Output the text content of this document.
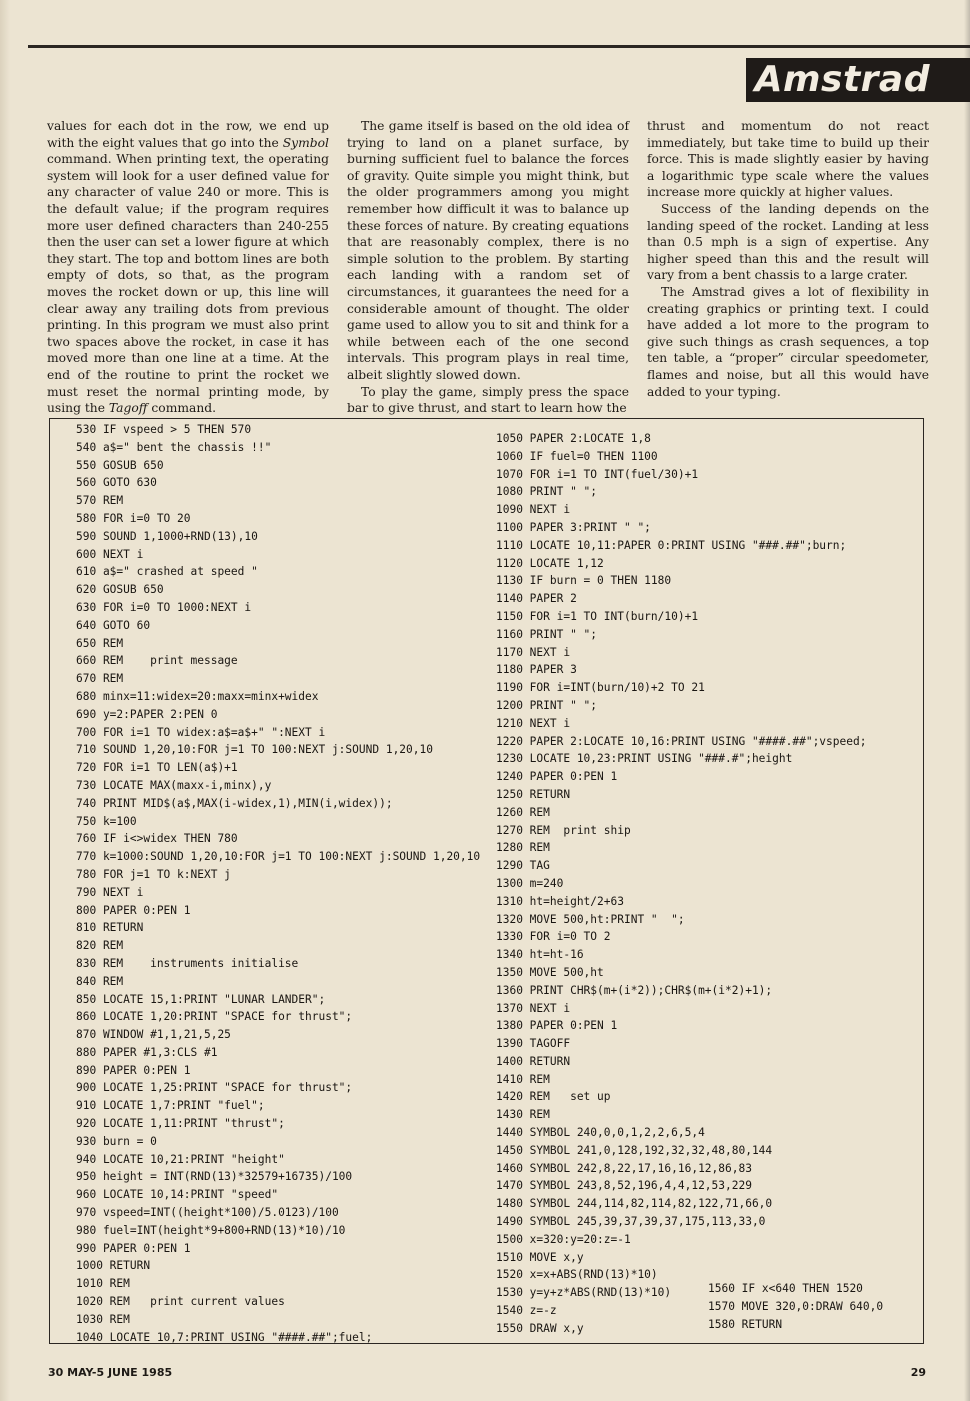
Amstrad

values for each dot in the row, we end up with the eight values that go into the Symbol command. When printing text, the operating system will look for a user defined value for any character of value 240 or more. This is the default value; if the program requires more user defined characters than 240-255 then the user can set a lower figure at which they start. The top and bottom lines are both empty of dots, so that, as the program moves the rocket down or up, this line will clear away any trailing dots from previous printing. In this program we must also print two spaces above the rocket, in case it has moved more than one line at a time. At the end of the routine to print the rocket we must reset the normal printing mode, by using the Tagoff command.

The game itself is based on the old idea of trying to land on a planet surface, by burning sufficient fuel to balance the forces of gravity. Quite simple you might think, but the older programmers among you might remember how difficult it was to balance up these forces of nature. By creating equations that are reasonably complex, there is no simple solution to the problem. By starting each landing with a random set of circumstances, it guarantees the need for a considerable amount of thought. The older game used to allow you to sit and think for a while between each of the one second intervals. This program plays in real time, albeit slightly slowed down.

To play the game, simply press the space bar to give thrust, and start to learn how the

thrust and momentum do not react immediately, but take time to build up their force. This is made slightly easier by having a logarithmic type scale where the values increase more quickly at higher values.

Success of the landing depends on the landing speed of the rocket. Landing at less than 0.5 mph is a sign of expertise. Any higher speed than this and the result will vary from a bent chassis to a large crater.

The Amstrad gives a lot of flexibility in creating graphics or printing text. I could have added a lot more to the program to give such things as crash sequences, a top ten table, a “proper” circular speedometer, flames and noise, but all this would have added to your typing.

530 IF vspeed > 5 THEN 570
540 a$=" bent the chassis !!"
550 GOSUB 650
560 GOTO 630
570 REM
580 FOR i=0 TO 20
590 SOUND 1,1000+RND(13),10
600 NEXT i
610 a$=" crashed at speed "
620 GOSUB 650
630 FOR i=0 TO 1000:NEXT i
640 GOTO 60
650 REM
660 REM    print message
670 REM
680 minx=11:widex=20:maxx=minx+widex
690 y=2:PAPER 2:PEN 0
700 FOR i=1 TO widex:a$=a$+" ":NEXT i
710 SOUND 1,20,10:FOR j=1 TO 100:NEXT j:SOUND 1,20,10
720 FOR i=1 TO LEN(a$)+1
730 LOCATE MAX(maxx-i,minx),y
740 PRINT MID$(a$,MAX(i-widex,1),MIN(i,widex));
750 k=100
760 IF i<>widex THEN 780
770 k=1000:SOUND 1,20,10:FOR j=1 TO 100:NEXT j:SOUND 1,20,10
780 FOR j=1 TO k:NEXT j
790 NEXT i
800 PAPER 0:PEN 1
810 RETURN
820 REM
830 REM    instruments initialise
840 REM
850 LOCATE 15,1:PRINT "LUNAR LANDER";
860 LOCATE 1,20:PRINT "SPACE for thrust";
870 WINDOW #1,1,21,5,25
880 PAPER #1,3:CLS #1
890 PAPER 0:PEN 1
900 LOCATE 1,25:PRINT "SPACE for thrust";
910 LOCATE 1,7:PRINT "fuel";
920 LOCATE 1,11:PRINT "thrust";
930 burn = 0
940 LOCATE 10,21:PRINT "height"
950 height = INT(RND(13)*32579+16735)/100
960 LOCATE 10,14:PRINT "speed"
970 vspeed=INT((height*100)/5.0123)/100
980 fuel=INT(height*9+800+RND(13)*10)/10
990 PAPER 0:PEN 1
1000 RETURN
1010 REM
1020 REM   print current values
1030 REM
1040 LOCATE 10,7:PRINT USING "####.##";fuel;
1050 PAPER 2:LOCATE 1,8
1060 IF fuel=0 THEN 1100
1070 FOR i=1 TO INT(fuel/30)+1
1080 PRINT " ";
1090 NEXT i
1100 PAPER 3:PRINT " ";
1110 LOCATE 10,11:PAPER 0:PRINT USING "###.##";burn;
1120 LOCATE 1,12
1130 IF burn = 0 THEN 1180
1140 PAPER 2
1150 FOR i=1 TO INT(burn/10)+1
1160 PRINT " ";
1170 NEXT i
1180 PAPER 3
1190 FOR i=INT(burn/10)+2 TO 21
1200 PRINT " ";
1210 NEXT i
1220 PAPER 2:LOCATE 10,16:PRINT USING "####.##";vspeed;
1230 LOCATE 10,23:PRINT USING "###.#";height
1240 PAPER 0:PEN 1
1250 RETURN
1260 REM
1270 REM  print ship
1280 REM
1290 TAG
1300 m=240
1310 ht=height/2+63
1320 MOVE 500,ht:PRINT "  ";
1330 FOR i=0 TO 2
1340 ht=ht-16
1350 MOVE 500,ht
1360 PRINT CHR$(m+(i*2));CHR$(m+(i*2)+1);
1370 NEXT i
1380 PAPER 0:PEN 1
1390 TAGOFF
1400 RETURN
1410 REM
1420 REM   set up
1430 REM
1440 SYMBOL 240,0,0,1,2,2,6,5,4
1450 SYMBOL 241,0,128,192,32,32,48,80,144
1460 SYMBOL 242,8,22,17,16,16,12,86,83
1470 SYMBOL 243,8,52,196,4,4,12,53,229
1480 SYMBOL 244,114,82,114,82,122,71,66,0
1490 SYMBOL 245,39,37,39,37,175,113,33,0
1500 x=320:y=20:z=-1
1510 MOVE x,y
1520 x=x+ABS(RND(13)*10)
1530 y=y+z*ABS(RND(13)*10)
1540 z=-z
1550 DRAW x,y
1560 IF x<640 THEN 1520
1570 MOVE 320,0:DRAW 640,0
1580 RETURN
30 MAY-5 JUNE 1985	29
